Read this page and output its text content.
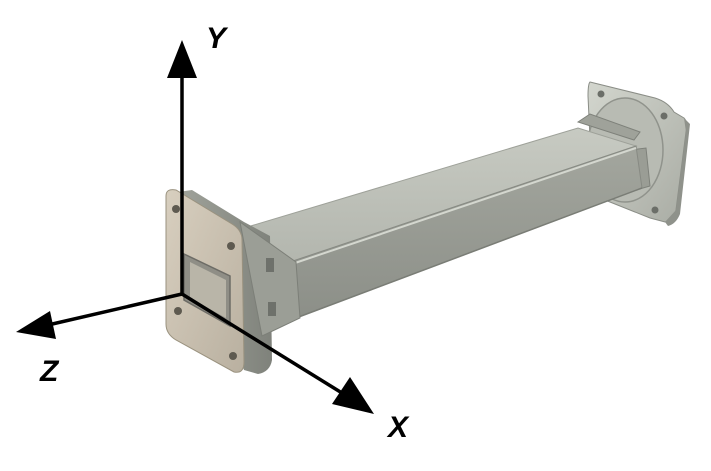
Y
Z
X
